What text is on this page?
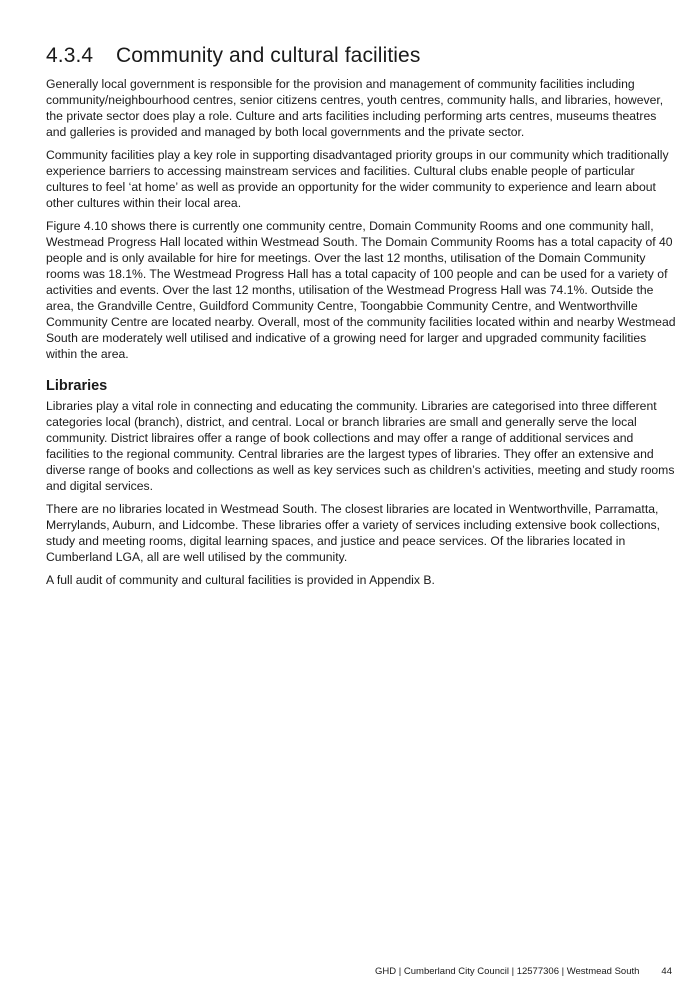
4.3.4 Community and cultural facilities

Generally local government is responsible for the provision and management of community facilities including community/neighbourhood centres, senior citizens centres, youth centres, community halls, and libraries, however, the private sector does play a role. Culture and arts facilities including performing arts centres, museums theatres and galleries is provided and managed by both local governments and the private sector.

Community facilities play a key role in supporting disadvantaged priority groups in our community which traditionally experience barriers to accessing mainstream services and facilities. Cultural clubs enable people of particular cultures to feel ‘at home’ as well as provide an opportunity for the wider community to experience and learn about other cultures within their local area.

Figure 4.10 shows there is currently one community centre, Domain Community Rooms and one community hall, Westmead Progress Hall located within Westmead South. The Domain Community Rooms has a total capacity of 40 people and is only available for hire for meetings. Over the last 12 months, utilisation of the Domain Community rooms was 18.1%. The Westmead Progress Hall has a total capacity of 100 people and can be used for a variety of activities and events. Over the last 12 months, utilisation of the Westmead Progress Hall was 74.1%. Outside the area, the Grandville Centre, Guildford Community Centre, Toongabbie Community Centre, and Wentworthville Community Centre are located nearby. Overall, most of the community facilities located within and nearby Westmead South are moderately well utilised and indicative of a growing need for larger and upgraded community facilities within the area.

Libraries

Libraries play a vital role in connecting and educating the community. Libraries are categorised into three different categories local (branch), district, and central. Local or branch libraries are small and generally serve the local community. District libraires offer a range of book collections and may offer a range of additional services and facilities to the regional community. Central libraries are the largest types of libraries. They offer an extensive and diverse range of books and collections as well as key services such as children’s activities, meeting and study rooms and digital services.

There are no libraries located in Westmead South. The closest libraries are located in Wentworthville, Parramatta, Merrylands, Auburn, and Lidcombe. These libraries offer a variety of services including extensive book collections, study and meeting rooms, digital learning spaces, and justice and peace services. Of the libraries located in Cumberland LGA, all are well utilised by the community.

A full audit of community and cultural facilities is provided in Appendix B.

GHD | Cumberland City Council | 12577306 | Westmead South 44
